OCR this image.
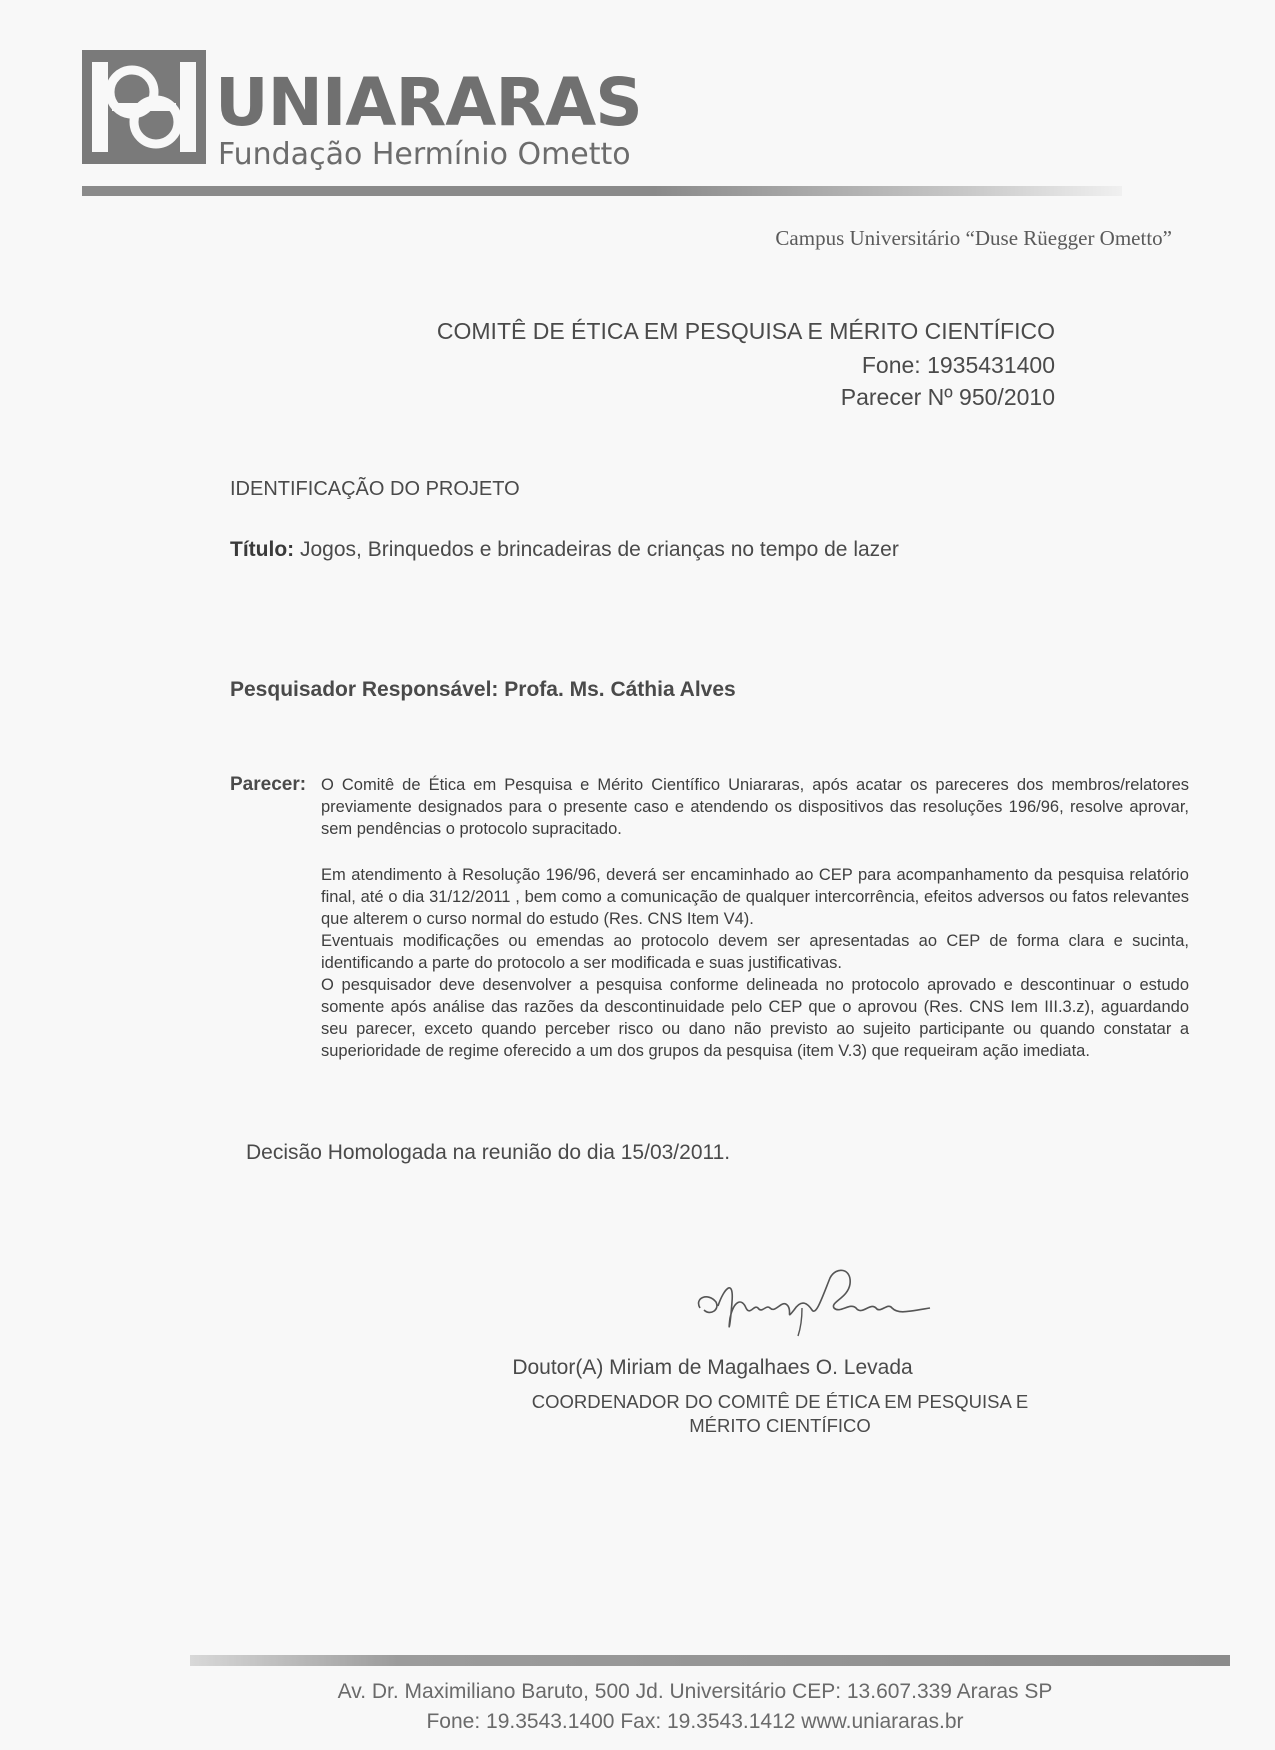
UNIARARAS
Fundação Hermínio Ometto
Campus Universitário “Duse Rüegger Ometto”
COMITÊ DE ÉTICA EM PESQUISA E MÉRITO CIENTÍFICO
Fone: 1935431400
Parecer Nº 950/2010
IDENTIFICAÇÃO DO PROJETO
Título: Jogos, Brinquedos e brincadeiras de crianças no tempo de lazer
Pesquisador Responsável: Profa. Ms. Cáthia Alves
Parecer: O Comitê de Ética em Pesquisa e Mérito Científico Uniararas, após acatar os pareceres dos membros/relatores previamente designados para o presente caso e atendendo os dispositivos das resoluções 196/96, resolve aprovar, sem pendências o protocolo supracitado.

Em atendimento à Resolução 196/96, deverá ser encaminhado ao CEP para acompanhamento da pesquisa relatório final, até o dia 31/12/2011 , bem como a comunicação de qualquer intercorrência, efeitos adversos ou fatos relevantes que alterem o curso normal do estudo (Res. CNS Item V4).

Eventuais modificações ou emendas ao protocolo devem ser apresentadas ao CEP de forma clara e sucinta, identificando a parte do protocolo a ser modificada e suas justificativas.

O pesquisador deve desenvolver a pesquisa conforme delineada no protocolo aprovado e descontinuar o estudo somente após análise das razões da descontinuidade pelo CEP que o aprovou (Res. CNS Iem III.3.z), aguardando seu parecer, exceto quando perceber risco ou dano não previsto ao sujeito participante ou quando constatar a superioridade de regime oferecido a um dos grupos da pesquisa (item V.3) que requeiram ação imediata.

Decisão Homologada na reunião do dia 15/03/2011.
Doutor(A) Miriam de Magalhaes O. Levada
COORDENADOR DO COMITÊ DE ÉTICA EM PESQUISA E
MÉRITO CIENTÍFICO
Av. Dr. Maximiliano Baruto, 500 Jd. Universitário CEP: 13.607.339 Araras SP
Fone: 19.3543.1400 Fax: 19.3543.1412 www.uniararas.br
